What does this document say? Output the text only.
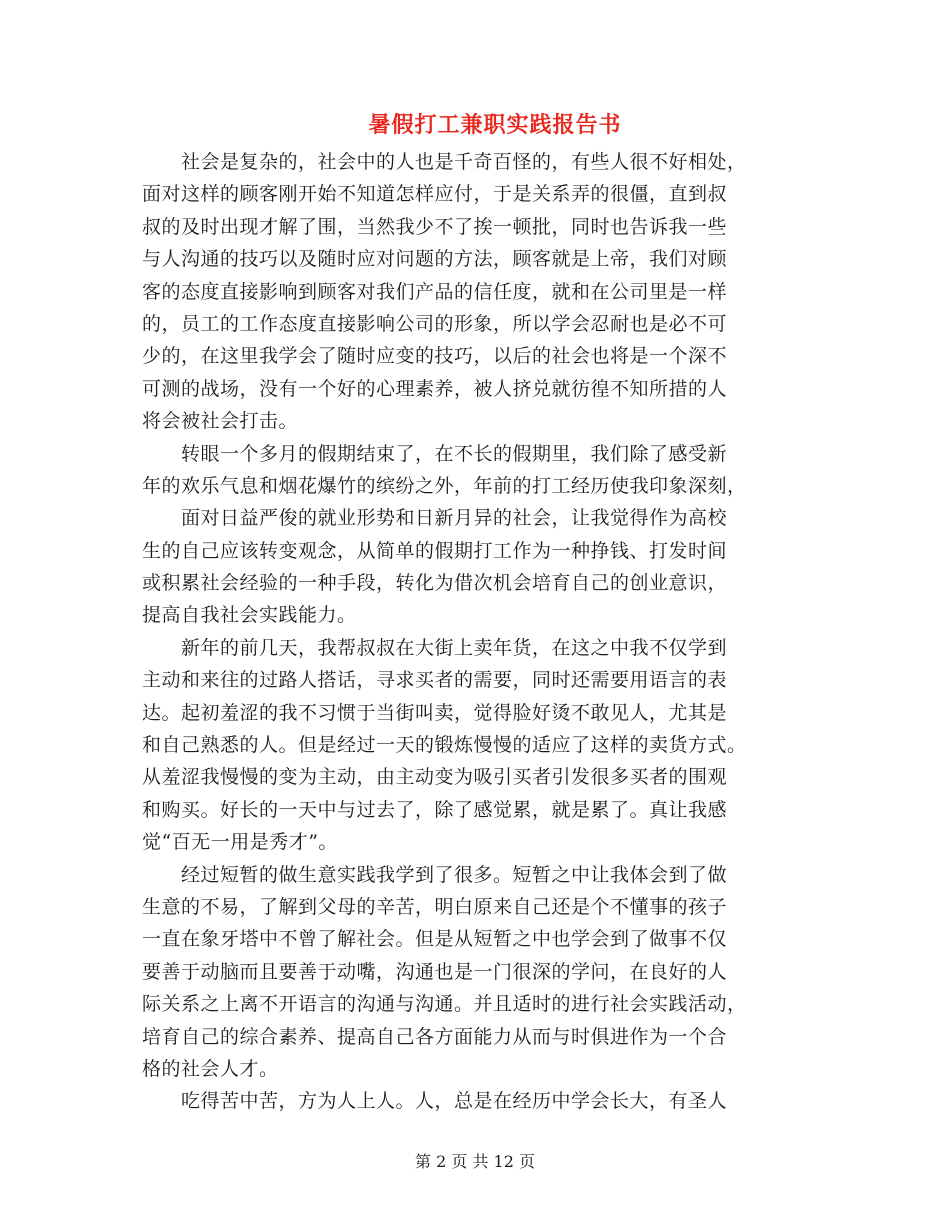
暑假打工兼职实践报告书
　　社会是复杂的，社会中的人也是千奇百怪的，有些人很不好相处，
面对这样的顾客刚开始不知道怎样应付，于是关系弄的很僵，直到叔
叔的及时出现才解了围，当然我少不了挨一顿批，同时也告诉我一些
与人沟通的技巧以及随时应对问题的方法，顾客就是上帝，我们对顾
客的态度直接影响到顾客对我们产品的信任度，就和在公司里是一样
的，员工的工作态度直接影响公司的形象，所以学会忍耐也是必不可
少的，在这里我学会了随时应变的技巧，以后的社会也将是一个深不
可测的战场，没有一个好的心理素养，被人挤兑就彷徨不知所措的人
将会被社会打击。
　　转眼一个多月的假期结束了，在不长的假期里，我们除了感受新
年的欢乐气息和烟花爆竹的缤纷之外，年前的打工经历使我印象深刻，
　　面对日益严俊的就业形势和日新月异的社会，让我觉得作为高校
生的自己应该转变观念，从简单的假期打工作为一种挣钱、打发时间
或积累社会经验的一种手段，转化为借次机会培育自己的创业意识，
提高自我社会实践能力。
　　新年的前几天，我帮叔叔在大街上卖年货，在这之中我不仅学到
主动和来往的过路人搭话，寻求买者的需要，同时还需要用语言的表
达。起初羞涩的我不习惯于当街叫卖，觉得脸好烫不敢见人，尤其是
和自己熟悉的人。但是经过一天的锻炼慢慢的适应了这样的卖货方式。
从羞涩我慢慢的变为主动，由主动变为吸引买者引发很多买者的围观
和购买。好长的一天中与过去了，除了感觉累，就是累了。真让我感
觉“百无一用是秀才”。
　　经过短暂的做生意实践我学到了很多。短暂之中让我体会到了做
生意的不易，了解到父母的辛苦，明白原来自己还是个不懂事的孩子
一直在象牙塔中不曾了解社会。但是从短暂之中也学会到了做事不仅
要善于动脑而且要善于动嘴，沟通也是一门很深的学问，在良好的人
际关系之上离不开语言的沟通与沟通。并且适时的进行社会实践活动，
培育自己的综合素养、提高自己各方面能力从而与时俱进作为一个合
格的社会人才。
　　吃得苦中苦，方为人上人。人，总是在经历中学会长大，有圣人
第 2 页 共 12 页
